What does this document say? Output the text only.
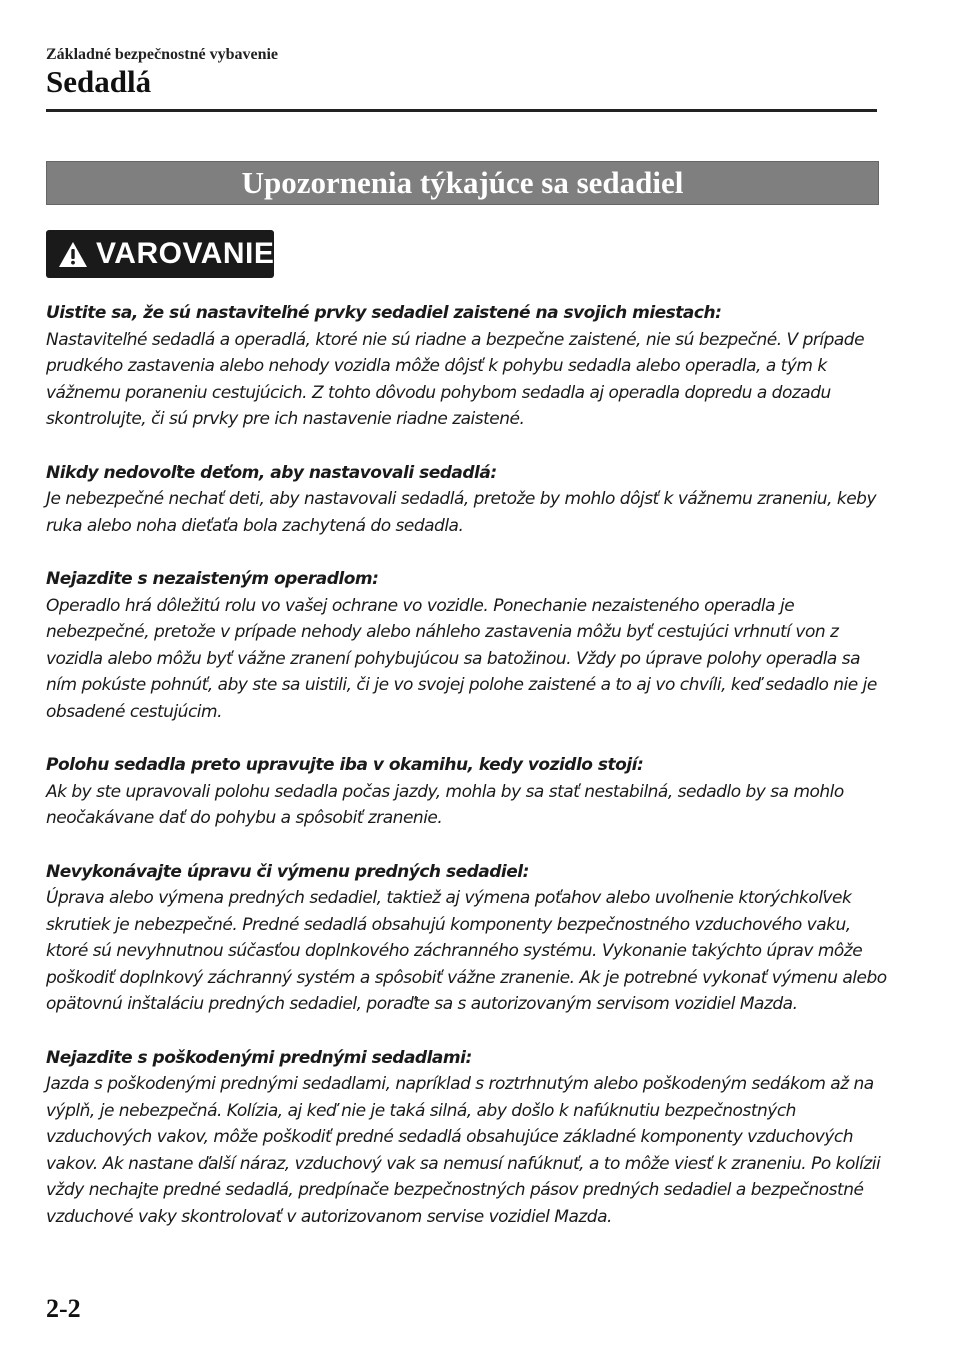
Základné bezpečnostné vybavenie
Sedadlá
Upozornenia týkajúce sa sedadiel
VAROVANIE

Uistite sa, že sú nastaviteľné prvky sedadiel zaistené na svojich miestach:

Nastaviteľné sedadlá a operadlá, ktoré nie sú riadne a bezpečne zaistené, nie sú bezpečné. V prípade prudkého zastavenia alebo nehody vozidla môže dôjsť k pohybu sedadla alebo operadla, a tým k vážnemu poraneniu cestujúcich. Z tohto dôvodu pohybom sedadla aj operadla dopredu a dozadu skontrolujte, či sú prvky pre ich nastavenie riadne zaistené.

Nikdy nedovoľte deťom, aby nastavovali sedadlá:

Je nebezpečné nechať deti, aby nastavovali sedadlá, pretože by mohlo dôjsť k vážnemu zraneniu, keby ruka alebo noha dieťaťa bola zachytená do sedadla.

Nejazdite s nezaisteným operadlom:

Operadlo hrá dôležitú rolu vo vašej ochrane vo vozidle. Ponechanie nezaisteného operadla je nebezpečné, pretože v prípade nehody alebo náhleho zastavenia môžu byť cestujúci vrhnutí von z vozidla alebo môžu byť vážne zranení pohybujúcou sa batožinou. Vždy po úprave polohy operadla sa ním pokúste pohnúť, aby ste sa uistili, či je vo svojej polohe zaistené a to aj vo chvíli, keď sedadlo nie je obsadené cestujúcim.

Polohu sedadla preto upravujte iba v okamihu, kedy vozidlo stojí:

Ak by ste upravovali polohu sedadla počas jazdy, mohla by sa stať nestabilná, sedadlo by sa mohlo neočakávane dať do pohybu a spôsobiť zranenie.

Nevykonávajte úpravu či výmenu predných sedadiel:

Úprava alebo výmena predných sedadiel, taktiež aj výmena poťahov alebo uvoľnenie ktorýchkoľvek skrutiek je nebezpečné. Predné sedadlá obsahujú komponenty bezpečnostného vzduchového vaku, ktoré sú nevyhnutnou súčasťou doplnkového záchranného systému. Vykonanie takýchto úprav môže poškodiť doplnkový záchranný systém a spôsobiť vážne zranenie. Ak je potrebné vykonať výmenu alebo opätovnú inštaláciu predných sedadiel, poraďte sa s autorizovaným servisom vozidiel Mazda.

Nejazdite s poškodenými prednými sedadlami:

Jazda s poškodenými prednými sedadlami, napríklad s roztrhnutým alebo poškodeným sedákom až na výplň, je nebezpečná. Kolízia, aj keď nie je taká silná, aby došlo k nafúknutiu bezpečnostných vzduchových vakov, môže poškodiť predné sedadlá obsahujúce základné komponenty vzduchových vakov. Ak nastane ďalší náraz, vzduchový vak sa nemusí nafúknuť, a to môže viesť k zraneniu. Po kolízii vždy nechajte predné sedadlá, predpínače bezpečnostných pásov predných sedadiel a bezpečnostné vzduchové vaky skontrolovať v autorizovanom servise vozidiel Mazda.

2-2
